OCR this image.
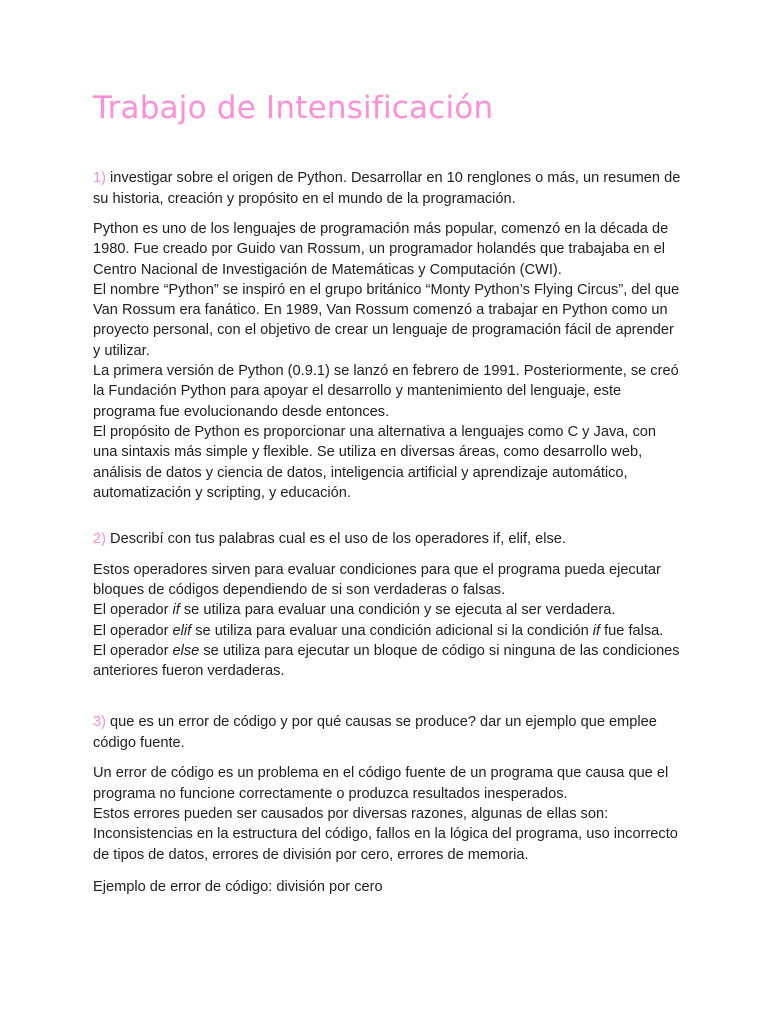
Trabajo de Intensificación

1) investigar sobre el origen de Python. Desarrollar en 10 renglones o más, un resumen de su historia, creación y propósito en el mundo de la programación.

Python es uno de los lenguajes de programación más popular, comenzó en la década de 1980. Fue creado por Guido van Rossum, un programador holandés que trabajaba en el Centro Nacional de Investigación de Matemáticas y Computación (CWI).

El nombre “Python” se inspiró en el grupo británico “Monty Python’s Flying Circus”, del que Van Rossum era fanático. En 1989, Van Rossum comenzó a trabajar en Python como un proyecto personal, con el objetivo de crear un lenguaje de programación fácil de aprender y utilizar.

La primera versión de Python (0.9.1) se lanzó en febrero de 1991. Posteriormente, se creó la Fundación Python para apoyar el desarrollo y mantenimiento del lenguaje, este programa fue evolucionando desde entonces.

El propósito de Python es proporcionar una alternativa a lenguajes como C y Java, con una sintaxis más simple y flexible. Se utiliza en diversas áreas, como desarrollo web, análisis de datos y ciencia de datos, inteligencia artificial y aprendizaje automático, automatización y scripting, y educación.

2) Describí con tus palabras cual es el uso de los operadores if, elif, else.

Estos operadores sirven para evaluar condiciones para que el programa pueda ejecutar bloques de códigos dependiendo de si son verdaderas o falsas.

El operador if se utiliza para evaluar una condición y se ejecuta al ser verdadera.

El operador elif se utiliza para evaluar una condición adicional si la condición if fue falsa.

El operador else se utiliza para ejecutar un bloque de código si ninguna de las condiciones anteriores fueron verdaderas.

3) que es un error de código y por qué causas se produce? dar un ejemplo que emplee código fuente.

Un error de código es un problema en el código fuente de un programa que causa que el programa no funcione correctamente o produzca resultados inesperados.

Estos errores pueden ser causados por diversas razones, algunas de ellas son: Inconsistencias en la estructura del código, fallos en la lógica del programa, uso incorrecto de tipos de datos, errores de división por cero, errores de memoria.

Ejemplo de error de código: división por cero
